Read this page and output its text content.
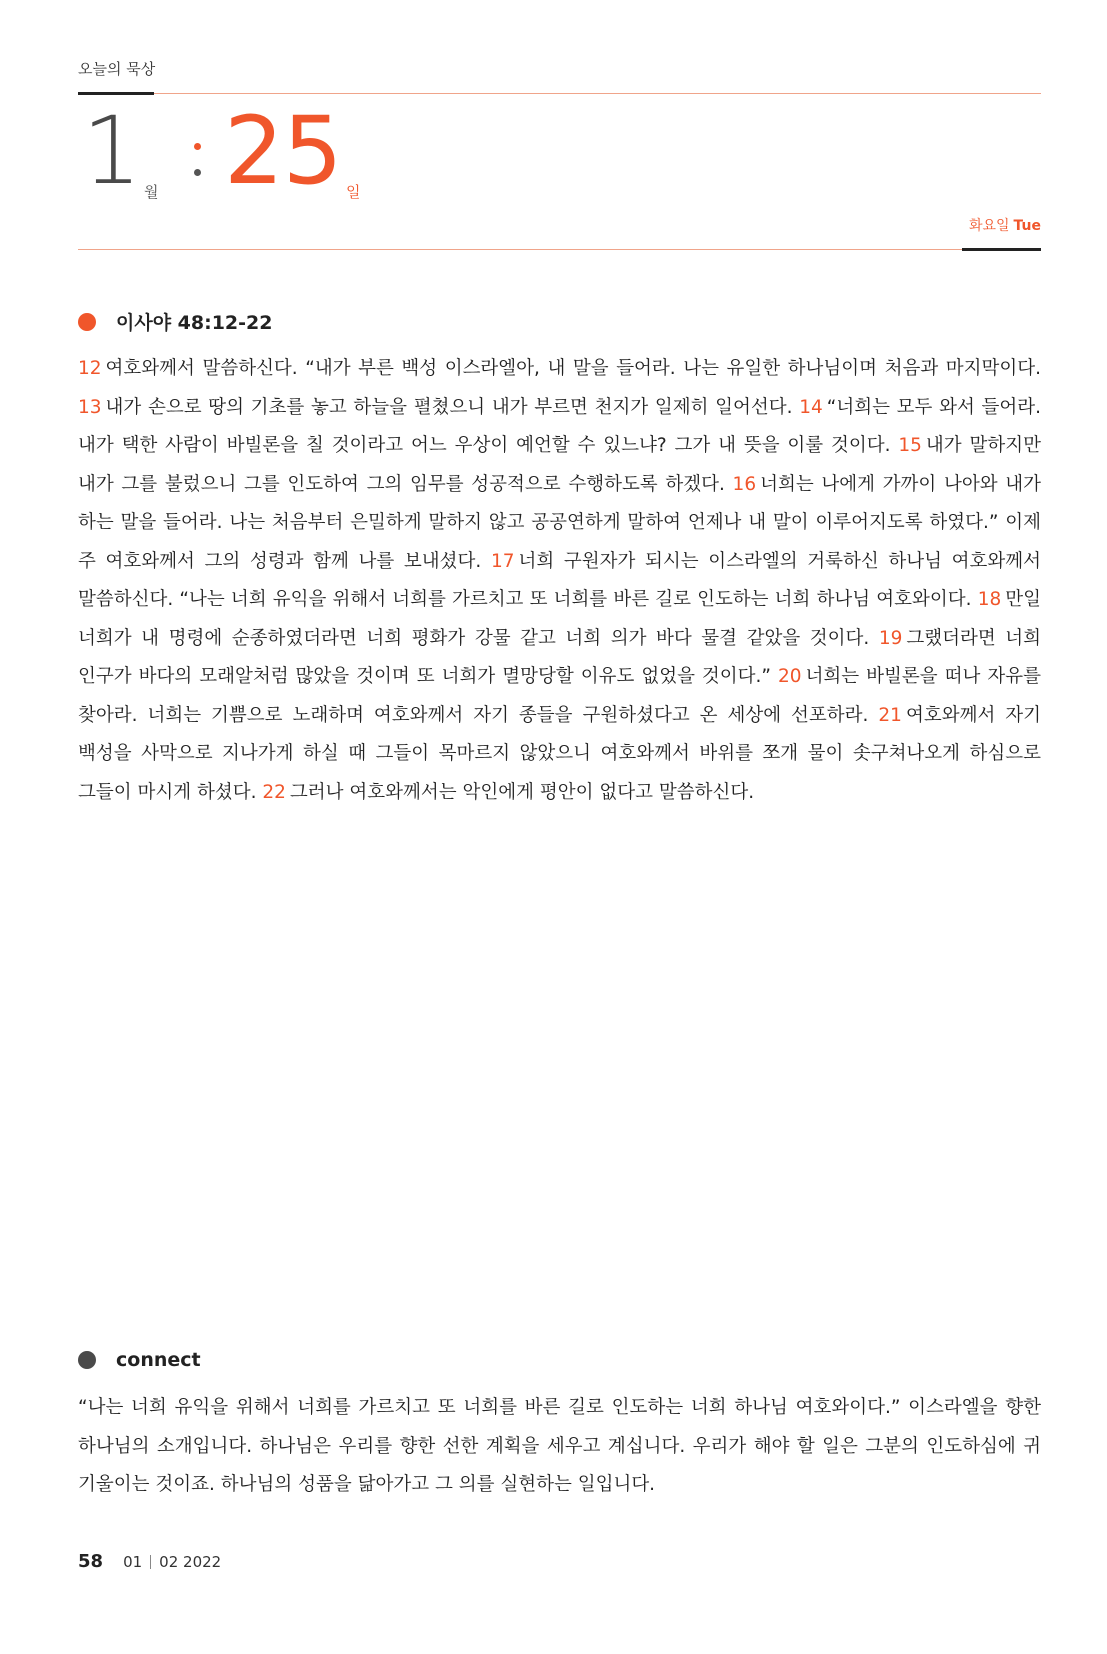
오늘의 묵상
1 월 25 일
화요일 Tue
이사야 48:12-22
12 여호와께서 말씀하신다. “내가 부른 백성 이스라엘아, 내 말을 들어라. 나는 유일한 하나님이며 처음과 마지막이다. 13 내가 손으로 땅의 기초를 놓고 하늘을 펼쳤으니 내가 부르면 천지가 일제히 일어선다. 14 “너희는 모두 와서 들어라. 내가 택한 사람이 바빌론을 칠 것이라고 어느 우상이 예언할 수 있느냐? 그가 내 뜻을 이룰 것이다. 15 내가 말하지만 내가 그를 불렀으니 그를 인도하여 그의 임무를 성공적으로 수행하도록 하겠다. 16 너희는 나에게 가까이 나아와 내가 하는 말을 들어라. 나는 처음부터 은밀하게 말하지 않고 공공연하게 말하여 언제나 내 말이 이루어지도록 하였다.” 이제 주 여호와께서 그의 성령과 함께 나를 보내셨다. 17 너희 구원자가 되시는 이스라엘의 거룩하신 하나님 여호와께서 말씀하신다. “나는 너희 유익을 위해서 너희를 가르치고 또 너희를 바른 길로 인도하는 너희 하나님 여호와이다. 18 만일 너희가 내 명령에 순종하였더라면 너희 평화가 강물 같고 너희 의가 바다 물결 같았을 것이다. 19 그랬더라면 너희 인구가 바다의 모래알처럼 많았을 것이며 또 너희가 멸망당할 이유도 없었을 것이다.” 20 너희는 바빌론을 떠나 자유를 찾아라. 너희는 기쁨으로 노래하며 여호와께서 자기 종들을 구원하셨다고 온 세상에 선포하라. 21 여호와께서 자기 백성을 사막으로 지나가게 하실 때 그들이 목마르지 않았으니 여호와께서 바위를 쪼개 물이 솟구쳐나오게 하심으로 그들이 마시게 하셨다. 22 그러나 여호와께서는 악인에게 평안이 없다고 말씀하신다.
connect
“나는 너희 유익을 위해서 너희를 가르치고 또 너희를 바른 길로 인도하는 너희 하나님 여호와이다.” 이스라엘을 향한 하나님의 소개입니다. 하나님은 우리를 향한 선한 계획을 세우고 계십니다. 우리가 해야 할 일은 그분의 인도하심에 귀 기울이는 것이죠. 하나님의 성품을 닮아가고 그 의를 실현하는 일입니다.
58 01 02
2022
